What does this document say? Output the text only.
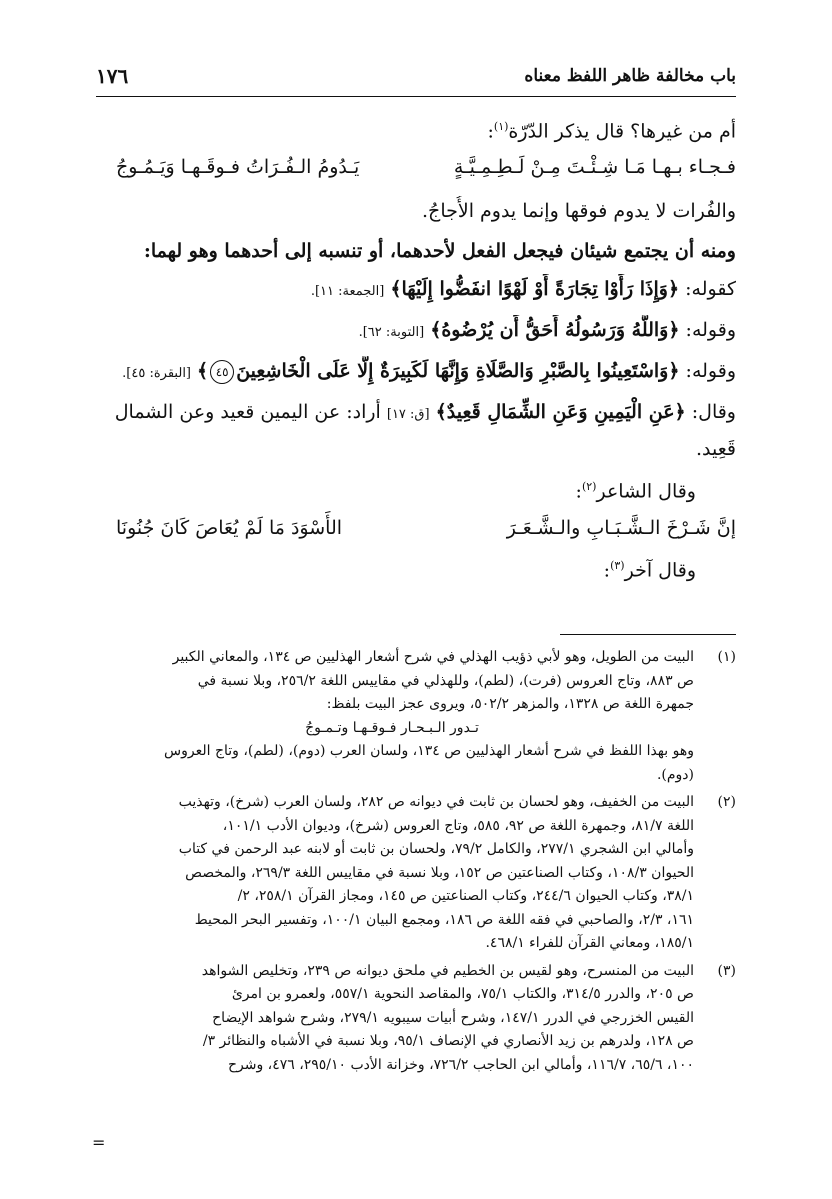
باب مخالفة ظاهر اللفظ معناه
١٧٦
أم من غيرها؟ قال يذكر الدّرّة$^{(١)}$:
فـجـاء بـهـا مَـا شِـئْـتَ مِـنْ لَـطِـمِـيَّـةٍ
يَـدُومُ الـفُـرَاتُ فـوقَـهـا وَيَـمُـوجُ
والفُرات لا يدوم فوقها وإنما يدوم الأُجاجُ.
ومنه أن يجتمع شيئان فيجعل الفعل لأحدهما، أو تنسبه إلى أحدهما وهو لهما:
كقوله: ﴿وَإِذَا رَأَوْا تِجَارَةً أَوْ لَهْوًا انفَضُّوا إِلَيْهَا﴾ [الجمعة: ١١].
وقوله: ﴿وَاللَّهُ وَرَسُولُهُ أَحَقُّ أَن يُرْضُوهُ﴾ [التوبة: ٦٢].
وقوله: ﴿وَاسْتَعِينُوا بِالصَّبْرِ وَالصَّلَاةِ وَإِنَّهَا لَكَبِيرَةٌ إِلَّا عَلَى الْخَاشِعِينَ٤٥﴾ [البقرة: ٤٥].
وقال: ﴿عَنِ الْيَمِينِ وَعَنِ الشِّمَالِ قَعِيدٌ﴾ [ق: ١٧] أراد: عن اليمين قعيد وعن الشمال
قَعِيد.
وقال الشاعر$^{(٢)}$:
إنَّ شَـرْخَ الـشَّـبَـابِ والـشَّـعَـرَ
الأَسْوَدَ مَا لَمْ يُعَاصَ كَانَ جُنُونَا
وقال آخر$^{(٣)}$:
(١)
البيت من الطويل، وهو لأبي ذؤيب الهذلي في شرح أشعار الهذليين ص ١٣٤، والمعاني الكبير
ص ٨٨٣، وتاج العروس (فرت)، (لطم)، وللهذلي في مقاييس اللغة ٢٥٦/٢، وبلا نسبة في
جمهرة اللغة ص ١٣٢٨، والمزهر ٥٠٢/٢، ويروى عجز البيت بلفظ:
تـدور الـبـحـار فـوقـهـا وتـمـوجُ
وهو بهذا اللفظ في شرح أشعار الهذليين ص ١٣٤، ولسان العرب (دوم)، (لطم)، وتاج العروس
(دوم).
(٢)
البيت من الخفيف، وهو لحسان بن ثابت في ديوانه ص ٢٨٢، ولسان العرب (شرخ)، وتهذيب
اللغة ٨١/٧، وجمهرة اللغة ص ٩٢، ٥٨٥، وتاج العروس (شرخ)، وديوان الأدب ١٠١/١،
وأمالي ابن الشجري ٢٧٧/١، والكامل ٧٩/٢، ولحسان بن ثابت أو لابنه عبد الرحمن في كتاب
الحيوان ١٠٨/٣، وكتاب الصناعتين ص ١٥٢، وبلا نسبة في مقاييس اللغة ٢٦٩/٣، والمخصص
٣٨/١، وكتاب الحيوان ٢٤٤/٦، وكتاب الصناعتين ص ١٤٥، ومجاز القرآن ٢٥٨/١، ٢/
١٦١، ٢/٣، والصاحبي في فقه اللغة ص ١٨٦، ومجمع البيان ١٠٠/١، وتفسير البحر المحيط
١٨٥/١، ومعاني القرآن للفراء ٤٦٨/١.
(٣)
البيت من المنسرح، وهو لقيس بن الخطيم في ملحق ديوانه ص ٢٣٩، وتخليص الشواهد
ص ٢٠٥، والدرر ٣١٤/٥، والكتاب ٧٥/١، والمقاصد النحوية ٥٥٧/١، ولعمرو بن امرئ
القيس الخزرجي في الدرر ١٤٧/١، وشرح أبيات سيبويه ٢٧٩/١، وشرح شواهد الإيضاح
ص ١٢٨، ولدرهم بن زيد الأنصاري في الإنصاف ٩٥/١، وبلا نسبة في الأشباه والنظائر ٣/
١٠٠، ٦٥/٦، ١١٦/٧، وأمالي ابن الحاجب ٧٢٦/٢، وخزانة الأدب ٢٩٥/١٠، ٤٧٦، وشرح
=
